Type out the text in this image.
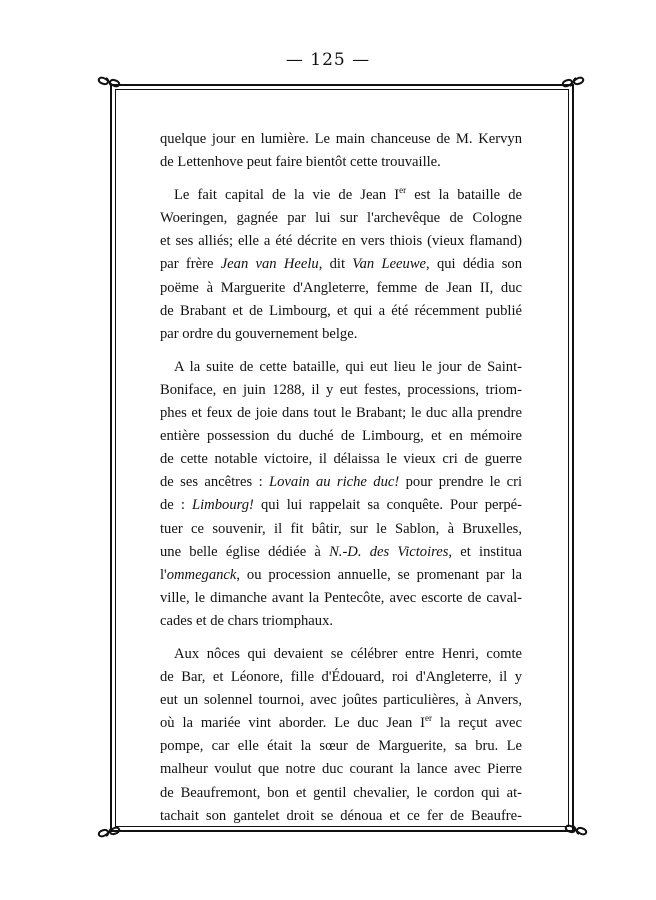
— 125 —

quelque jour en lumière. Le main chanceuse de M. Kervyn
de Lettenhove peut faire bientôt cette trouvaille.

Le fait capital de la vie de Jean Ier est la bataille de
Woeringen, gagnée par lui sur l'archevêque de Cologne
et ses alliés; elle a été décrite en vers thiois (vieux flamand)
par frère Jean van Heelu, dit Van Leeuwe, qui dédia son
poëme à Marguerite d'Angleterre, femme de Jean II, duc
de Brabant et de Limbourg, et qui a été récemment publié
par ordre du gouvernement belge.

A la suite de cette bataille, qui eut lieu le jour de Saint-
Boniface, en juin 1288, il y eut festes, processions, triom-
phes et feux de joie dans tout le Brabant; le duc alla prendre
entière possession du duché de Limbourg, et en mémoire
de cette notable victoire, il délaissa le vieux cri de guerre
de ses ancêtres : Lovain au riche duc! pour prendre le cri
de : Limbourg! qui lui rappelait sa conquête. Pour perpé-
tuer ce souvenir, il fit bâtir, sur le Sablon, à Bruxelles,
une belle église dédiée à N.-D. des Victoires, et institua
l'ommeganck, ou procession annuelle, se promenant par la
ville, le dimanche avant la Pentecôte, avec escorte de caval-
cades et de chars triomphaux.

Aux nôces qui devaient se célébrer entre Henri, comte
de Bar, et Léonore, fille d'Édouard, roi d'Angleterre, il y
eut un solennel tournoi, avec joûtes particulières, à Anvers,
où la mariée vint aborder. Le duc Jean Ier la reçut avec
pompe, car elle était la sœur de Marguerite, sa bru. Le
malheur voulut que notre duc courant la lance avec Pierre
de Beaufremont, bon et gentil chevalier, le cordon qui at-
tachait son gantelet droit se dénoua et ce fer de Beaufre-
